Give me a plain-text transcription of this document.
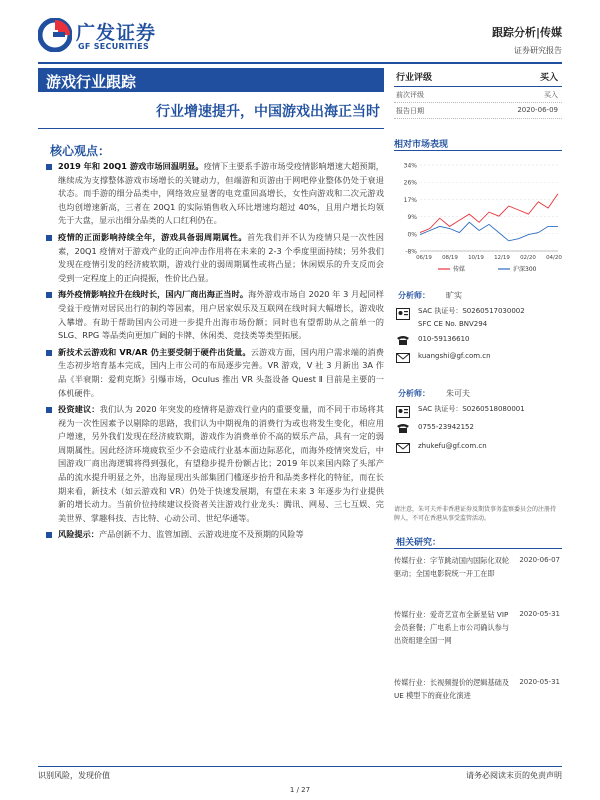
广发证券
GF SECURITIES
跟踪分析|传媒
证券研究报告
游戏行业跟踪
行业增速提升，中国游戏出海正当时
行业评级	买入
前次评级	买入
报告日期	2020-06-09
核心观点：
2019 年和 20Q1 游戏市场回温明显。疫情下主要系手游市场受疫情影响增速大超预期，继续成为支撑整体游戏市场增长的关键动力，但端游和页游由于网吧停业整体仍处于衰退状态。而手游的细分品类中，网络效应显著的电竞重回高增长，女性向游戏和二次元游戏也均创增速新高，三者在 20Q1 的实际销售收入环比增速均超过 40%，且用户增长均领先于大盘，显示出细分品类的人口红利仍在。
疫情的正面影响持续全年，游戏具备弱周期属性。首先我们并不认为疫情只是一次性因素，20Q1 疫情对于游戏产业的正向冲击作用将在未来的 2-3 个季度里面持续；另外我们发现在疫情引发的经济疲软期，游戏行业的弱周期属性或将凸显；休闲娱乐的升支反而会受到一定程度上的正向提振，性价比凸显。
海外疫情影响拉升在线时长，国内厂商出海正当时。海外游戏市场自 2020 年 3 月起同样受益于疫情对居民出行的制约等因素，用户居家娱乐及互联网在线时间大幅增长，游戏收入攀增。有助于帮助国内公司进一步提升出海市场份额；同时也有望帮助从之前单一的 SLG、RPG 等品类向更加广阔的卡牌、休闲类、竞技类等类型拓展。
新技术云游戏和 VR/AR 仍主要受制于硬件出货量。云游戏方面，国内用户需求端的消费生态初步培育基本完成，国内上市公司的布局逐步完善。VR 游戏，V 社 3 月新出 3A 作品《半衰期：爱莉克斯》引爆市场，Oculus 推出 VR 头盔设备 Quest Ⅱ 目前是主要的一体机硬件。
投资建议：我们认为 2020 年突发的疫情将是游戏行业内的重要变量，而不同于市场将其视为一次性因素予以剔除的思路，我们认为中期视角的消费行为或也将发生变化，相应用户增速，另外我们发现在经济疲软期，游戏作为消费单价不高的娱乐产品，具有一定的弱周期属性。因此经济环境疲软至少不会造成行业基本面边际恶化，而海外疫情突发后，中国游戏厂商出海逻辑将得到强化，有望稳步提升份额占比；2019 年以来国内除了头部产品的流水提升明显之外，出海显现出头部集团门槛逐步抬升和品类多样化的特征，而在长期来看，新技术（如云游戏和 VR）仍处于快速发展期，有望在未来 3 年逐步为行业提供新的增长动力。当前价位持续建议投资者关注游戏行业龙头：腾讯、网易、三七互娱、完美世界、掌趣科技、吉比特、心动公司、世纪华通等。
风险提示：产品创新不力、监管加剧、云游戏进度不及预期的风险等
相对市场表现
34%
26%
17%
9%
0%
-8%
06/19 08/19 10/19 12/19 02/20 04/20
传媒	沪深300
分析师： 旷实
SAC 执证号：S0260517030002
SFC CE No. BNV294
010-59136610
kuangshi@gf.com.cn
分析师： 朱可夫
SAC 执证号：S0260518080001
0755-23942152
zhukefu@gf.com.cn
请注意，朱可夫并非香港证券及期货事务监察委员会的注册持牌人，不可在香港从事受监管活动。
相关研究：
传媒行业：字节跳动国内国际化双轮驱动；全国电影院统一开工在即
2020-06-07
传媒行业：爱奇艺宣布全新星钻 VIP 会员套餐；广电系上市公司确认参与出资组建全国一网
2020-05-31
传媒行业：长视频提价的逻辑基础及 UE 模型下的商业化演进
2020-05-31
识别风险，发现价值	请务必阅读末页的免责声明
1 / 27
